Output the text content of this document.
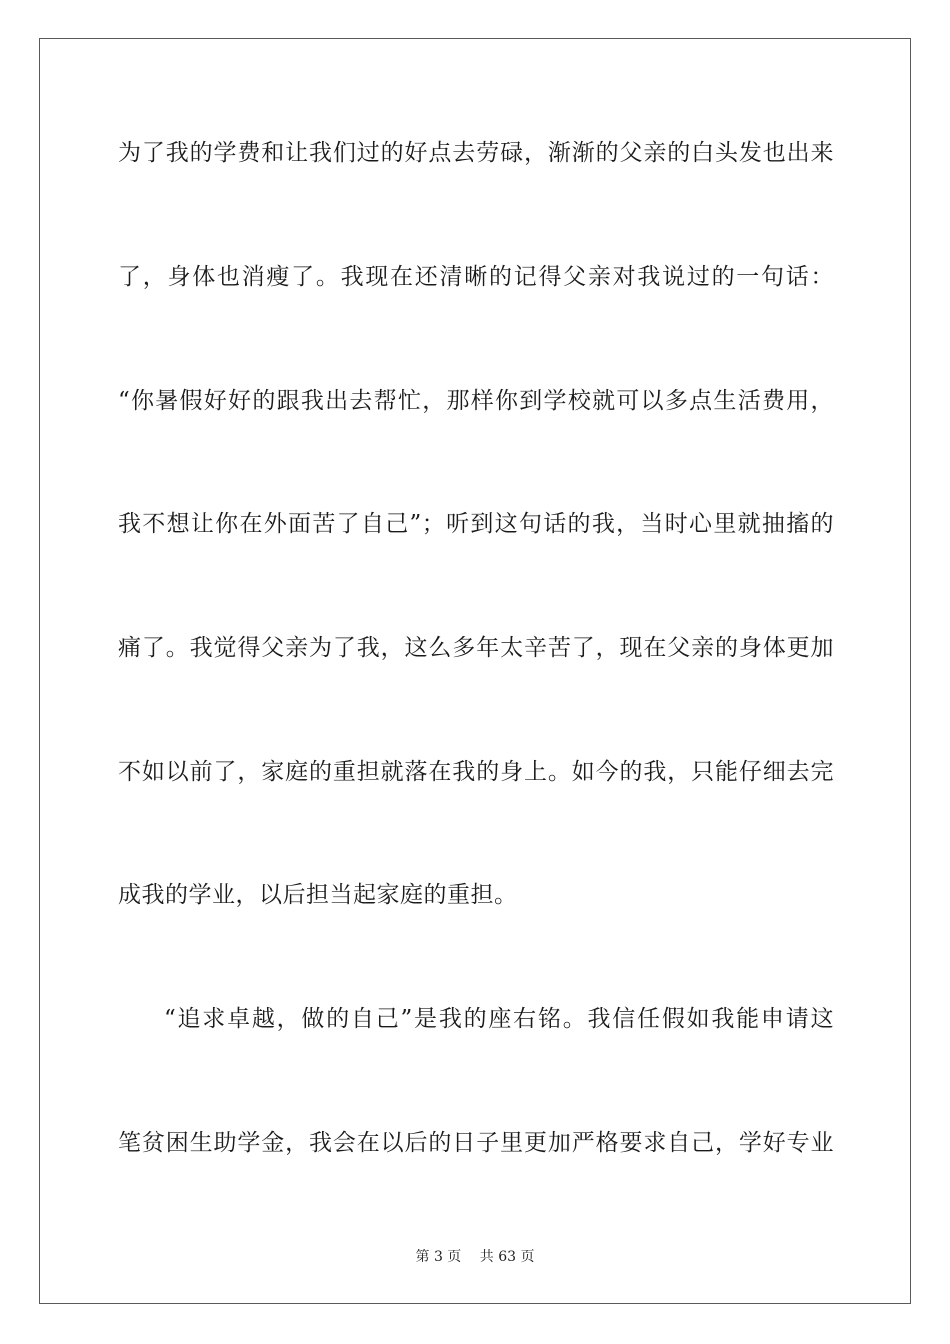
为了我的学费和让我们过的好点去劳碌，渐渐的父亲的白头发也出来
了，身体也消瘦了。我现在还清晰的记得父亲对我说过的一句话：
“你暑假好好的跟我出去帮忙，那样你到学校就可以多点生活费用，
我不想让你在外面苦了自己”；听到这句话的我，当时心里就抽搐的
痛了。我觉得父亲为了我，这么多年太辛苦了，现在父亲的身体更加
不如以前了，家庭的重担就落在我的身上。如今的我，只能仔细去完
成我的学业，以后担当起家庭的重担。
“追求卓越，做的自己”是我的座右铭。我信任假如我能申请这
笔贫困生助学金，我会在以后的日子里更加严格要求自己，学好专业
第 3 页　 共 63 页
